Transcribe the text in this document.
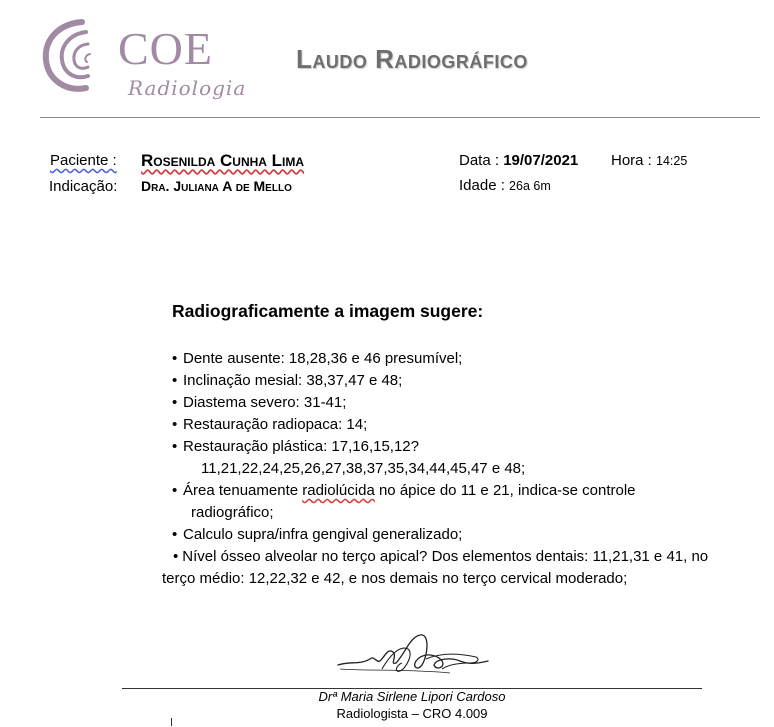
COE
Radiologia
Laudo Radiográfico
Paciente : Rosenilda Cunha Lima
Indicação: Dra. Juliana A de Mello
Data : 19/07/2021 Hora : 14:25
Idade : 26a 6m
Radiograficamente a imagem sugere:
• Dente ausente: 18,28,36 e 46 presumível;
• Inclinação mesial: 38,37,47 e 48;
• Diastema severo: 31-41;
• Restauração radiopaca: 14;
• Restauração plástica: 17,16,15,12?
11,21,22,24,25,26,27,38,37,35,34,44,45,47 e 48;
• Área tenuamente radiolúcida no ápice do 11 e 21, indica-se controle
radiográfico;
• Calculo supra/infra gengival generalizado;
• Nível ósseo alveolar no terço apical? Dos elementos dentais: 11,21,31 e 41, no terço médio: 12,22,32 e 42, e nos demais no terço cervical moderado;
Drª Maria Sirlene Lipori Cardoso
Radiologista – CRO 4.009
